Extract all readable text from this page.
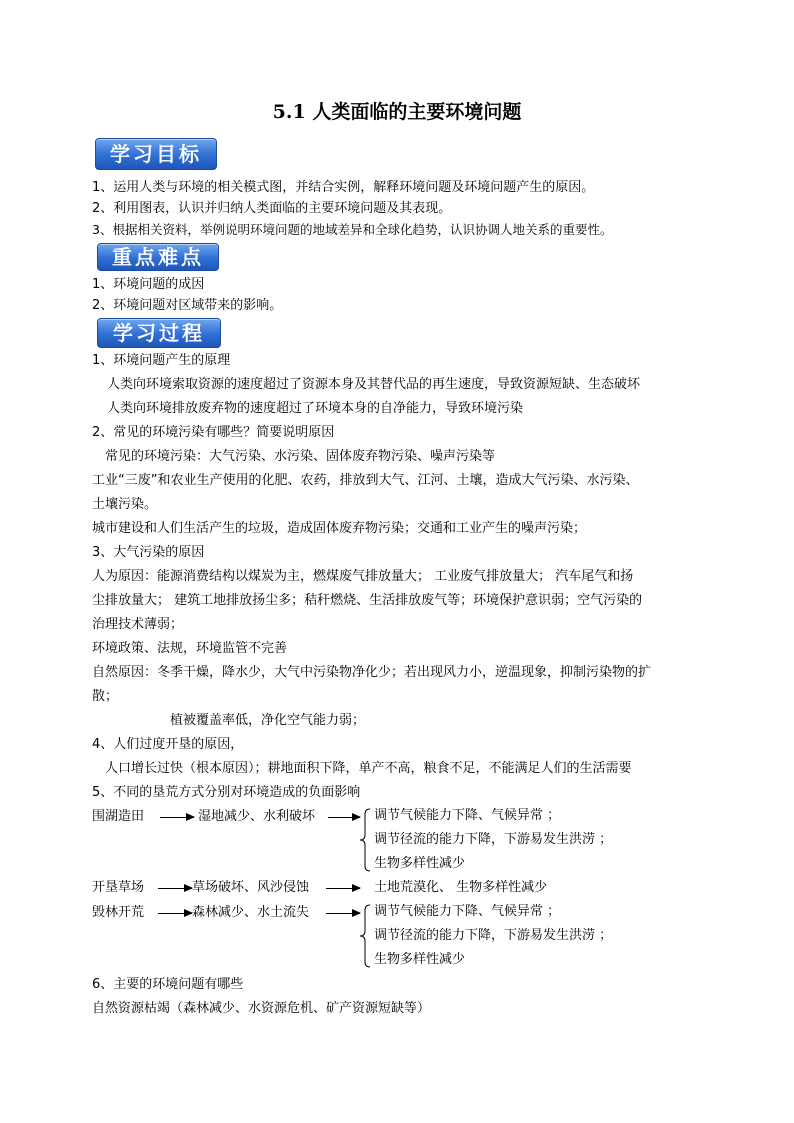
5.1 人类面临的主要环境问题
学习目标
1、运用人类与环境的相关模式图，并结合实例，解释环境问题及环境问题产生的原因。
2、利用图表，认识并归纳人类面临的主要环境问题及其表现。
3、根据相关资料，举例说明环境问题的地域差异和全球化趋势，认识协调人地关系的重要性。
重点难点
1、环境问题的成因
2、环境问题对区域带来的影响。
学习过程
1、环境问题产生的原理
人类向环境索取资源的速度超过了资源本身及其替代品的再生速度，导致资源短缺、生态破坏
人类向环境排放废弃物的速度超过了环境本身的自净能力，导致环境污染
2、常见的环境污染有哪些？简要说明原因
常见的环境污染：大气污染、水污染、固体废弃物污染、噪声污染等
工业“三废”和农业生产使用的化肥、农药，排放到大气、江河、土壤，造成大气污染、水污染、
土壤污染。
城市建设和人们生活产生的垃圾，造成固体废弃物污染；交通和工业产生的噪声污染；
3、大气污染的原因
人为原因：能源消费结构以煤炭为主，燃煤废气排放量大； 工业废气排放量大； 汽车尾气和扬
尘排放量大； 建筑工地排放扬尘多；秸秆燃烧、生活排放废气等；环境保护意识弱；空气污染的
治理技术薄弱；
环境政策、法规，环境监管不完善
自然原因：冬季干燥，降水少，大气中污染物净化少；若出现风力小，逆温现象，抑制污染物的扩
散；
植被覆盖率低，净化空气能力弱；
4、人们过度开垦的原因，
人口增长过快（根本原因）；耕地面积下降，单产不高，粮食不足，不能满足人们的生活需要
5、不同的垦荒方式分别对环境造成的负面影响
围湖造田	湿地减少、水利破坏	调节气候能力下降、气候异常 ；
调节径流的能力下降，下游易发生洪涝 ；
生物多样性减少
开垦草场	草场破坏、风沙侵蚀	土地荒漠化、 生物多样性减少
毁林开荒	森林减少、水土流失	调节气候能力下降、气候异常 ；
调节径流的能力下降，下游易发生洪涝 ；
生物多样性减少
6、主要的环境问题有哪些
自然资源枯竭（森林减少、水资源危机、矿产资源短缺等）
